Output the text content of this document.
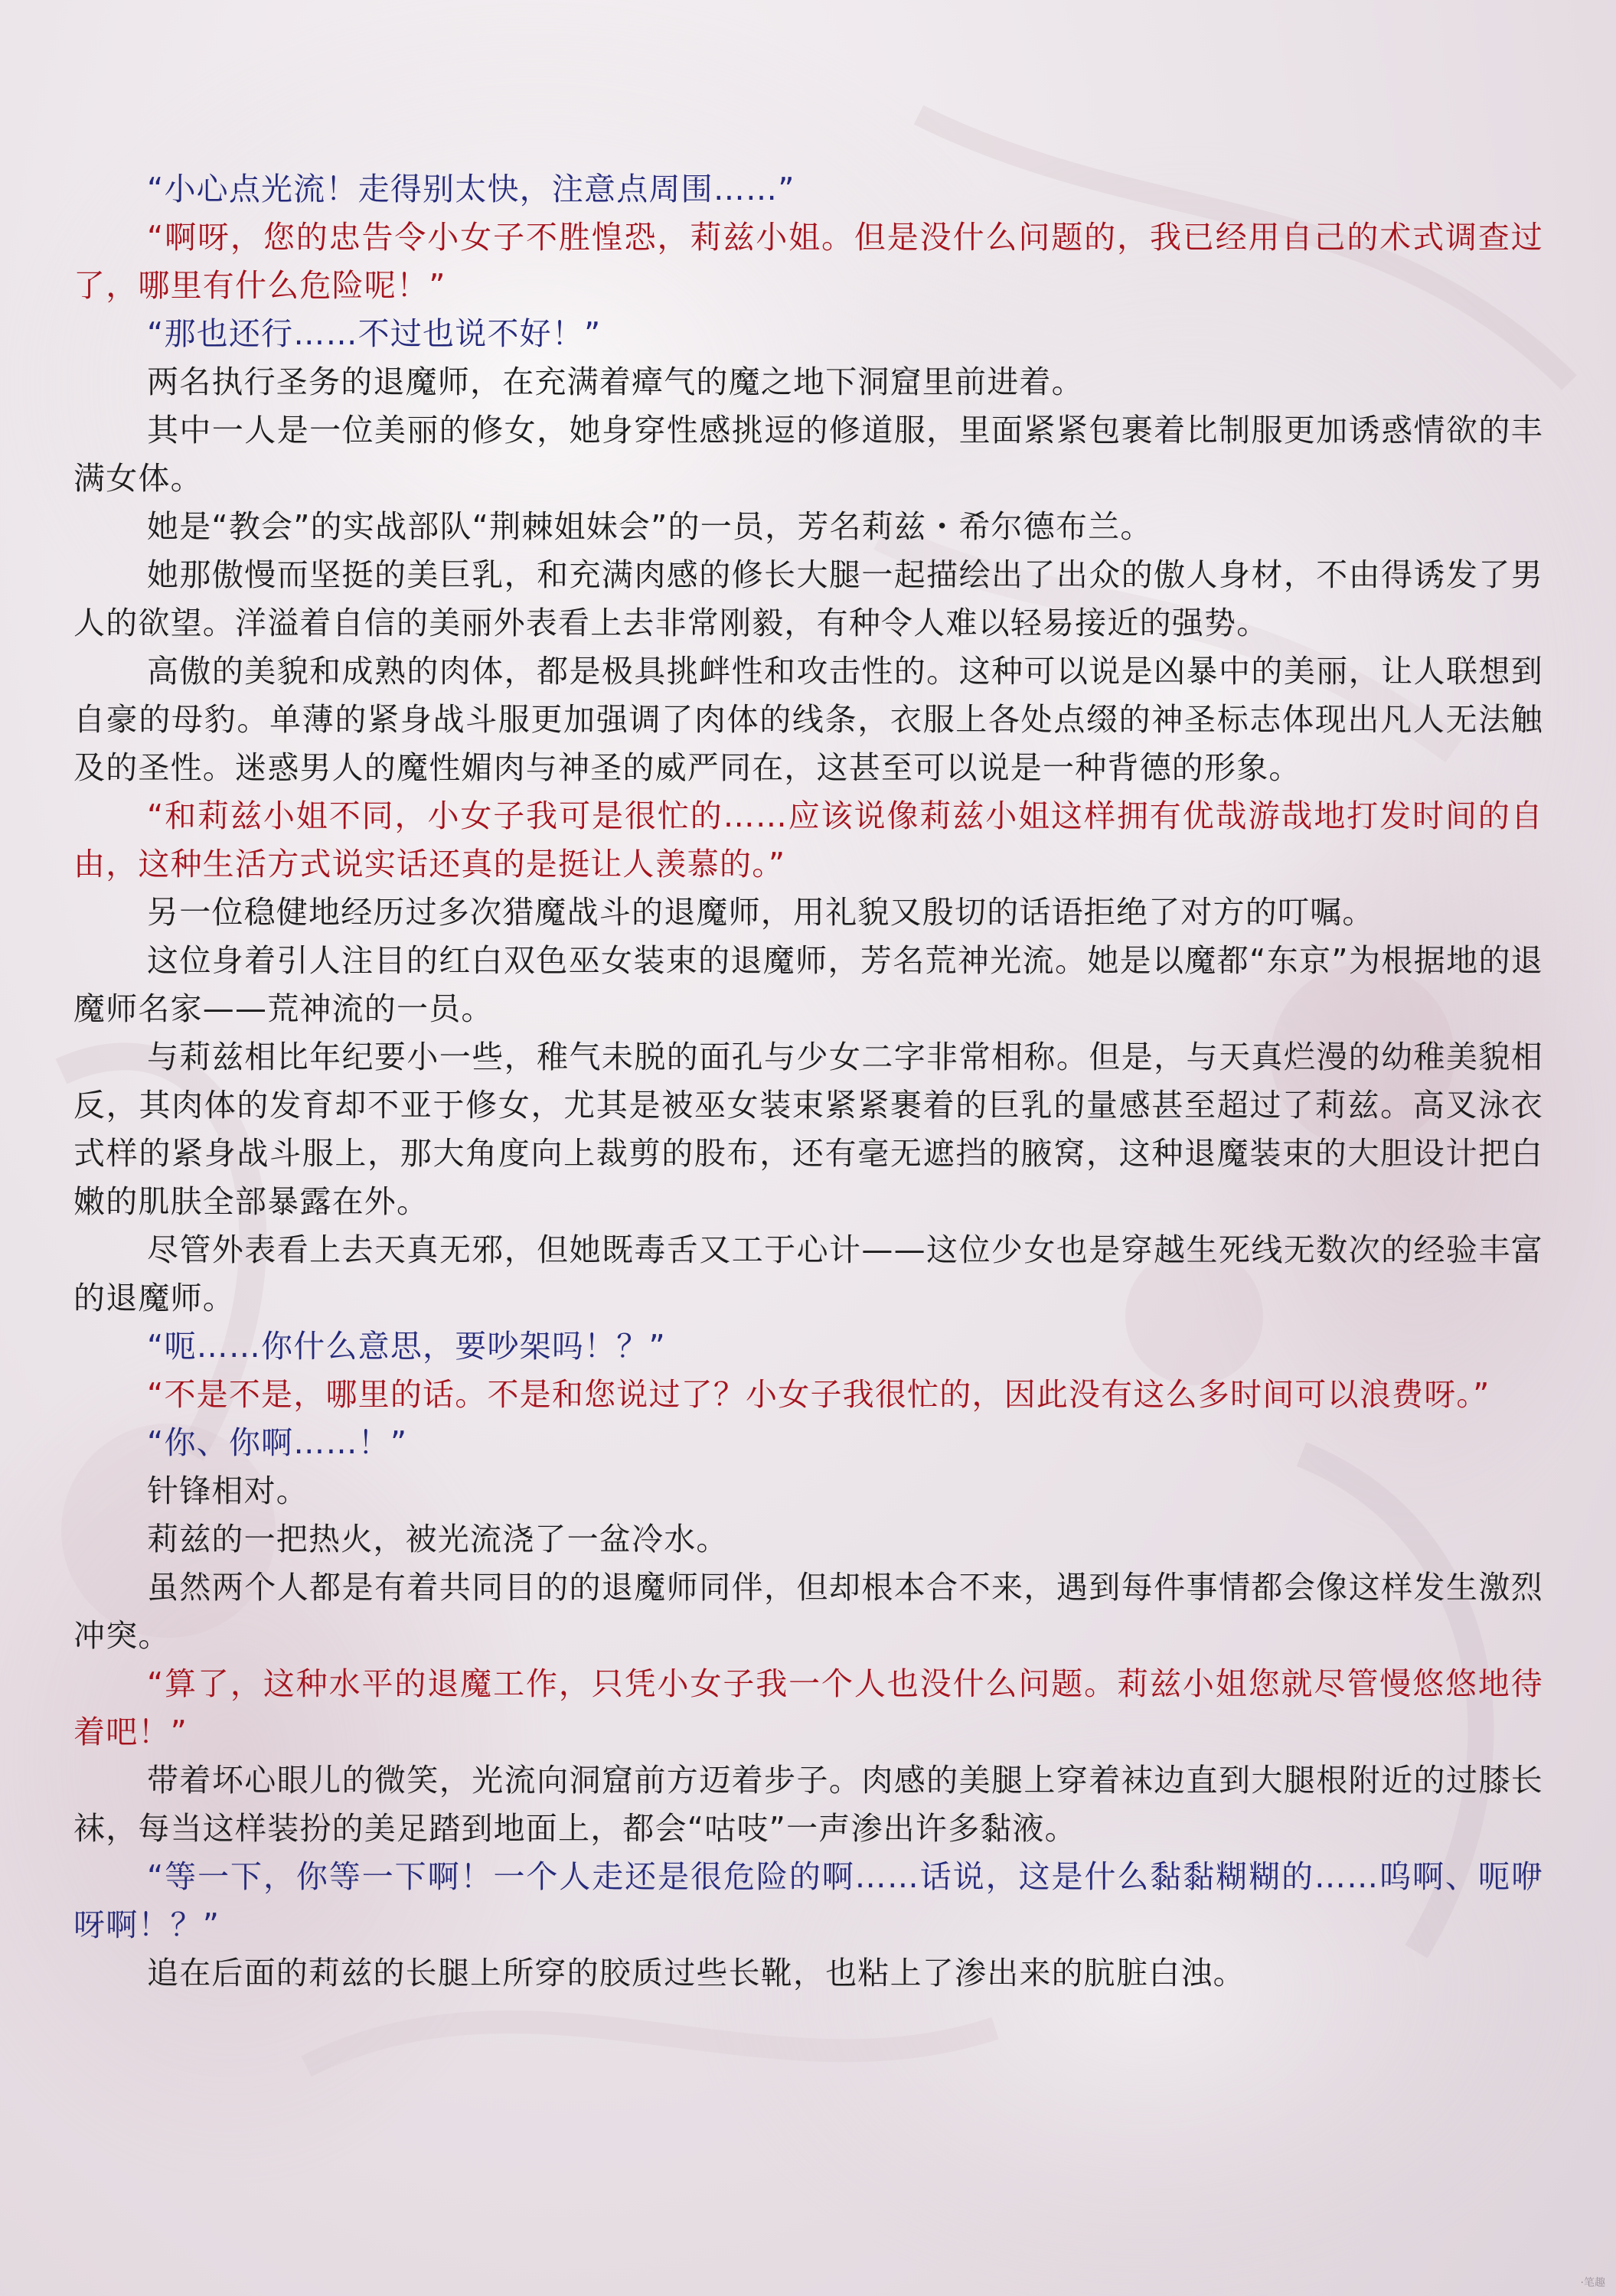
“小心点光流！走得别太快，注意点周围……”

“啊呀，您的忠告令小女子不胜惶恐，莉兹小姐。但是没什么问题的，我已经用自己的术式调查过了，哪里有什么危险呢！”

“那也还行……不过也说不好！”

两名执行圣务的退魔师，在充满着瘴气的魔之地下洞窟里前进着。

其中一人是一位美丽的修女，她身穿性感挑逗的修道服，里面紧紧包裹着比制服更加诱惑情欲的丰满女体。

她是“教会”的实战部队“荆棘姐妹会”的一员，芳名莉兹・希尔德布兰。

她那傲慢而坚挺的美巨乳，和充满肉感的修长大腿一起描绘出了出众的傲人身材，不由得诱发了男人的欲望。洋溢着自信的美丽外表看上去非常刚毅，有种令人难以轻易接近的强势。

高傲的美貌和成熟的肉体，都是极具挑衅性和攻击性的。这种可以说是凶暴中的美丽，让人联想到自豪的母豹。单薄的紧身战斗服更加强调了肉体的线条，衣服上各处点缀的神圣标志体现出凡人无法触及的圣性。迷惑男人的魔性媚肉与神圣的威严同在，这甚至可以说是一种背德的形象。

“和莉兹小姐不同，小女子我可是很忙的……应该说像莉兹小姐这样拥有优哉游哉地打发时间的自由，这种生活方式说实话还真的是挺让人羡慕的。”

另一位稳健地经历过多次猎魔战斗的退魔师，用礼貌又殷切的话语拒绝了对方的叮嘱。

这位身着引人注目的红白双色巫女装束的退魔师，芳名荒神光流。她是以魔都“东京”为根据地的退魔师名家——荒神流的一员。

与莉兹相比年纪要小一些，稚气未脱的面孔与少女二字非常相称。但是，与天真烂漫的幼稚美貌相反，其肉体的发育却不亚于修女，尤其是被巫女装束紧紧裹着的巨乳的量感甚至超过了莉兹。高叉泳衣式样的紧身战斗服上，那大角度向上裁剪的股布，还有毫无遮挡的腋窝，这种退魔装束的大胆设计把白嫩的肌肤全部暴露在外。

尽管外表看上去天真无邪，但她既毒舌又工于心计——这位少女也是穿越生死线无数次的经验丰富的退魔师。

“呃……你什么意思，要吵架吗！？”

“不是不是，哪里的话。不是和您说过了？小女子我很忙的，因此没有这么多时间可以浪费呀。”

“你、你啊……！”

针锋相对。

莉兹的一把热火，被光流浇了一盆冷水。

虽然两个人都是有着共同目的的退魔师同伴，但却根本合不来，遇到每件事情都会像这样发生激烈冲突。

“算了，这种水平的退魔工作，只凭小女子我一个人也没什么问题。莉兹小姐您就尽管慢悠悠地待着吧！”

带着坏心眼儿的微笑，光流向洞窟前方迈着步子。肉感的美腿上穿着袜边直到大腿根附近的过膝长袜，每当这样装扮的美足踏到地面上，都会“咕吱”一声渗出许多黏液。

“等一下，你等一下啊！一个人走还是很危险的啊……话说，这是什么黏黏糊糊的……呜啊、呃咿呀啊！？”

追在后面的莉兹的长腿上所穿的胶质过些长靴，也粘上了渗出来的肮脏白浊。

·笔趣
